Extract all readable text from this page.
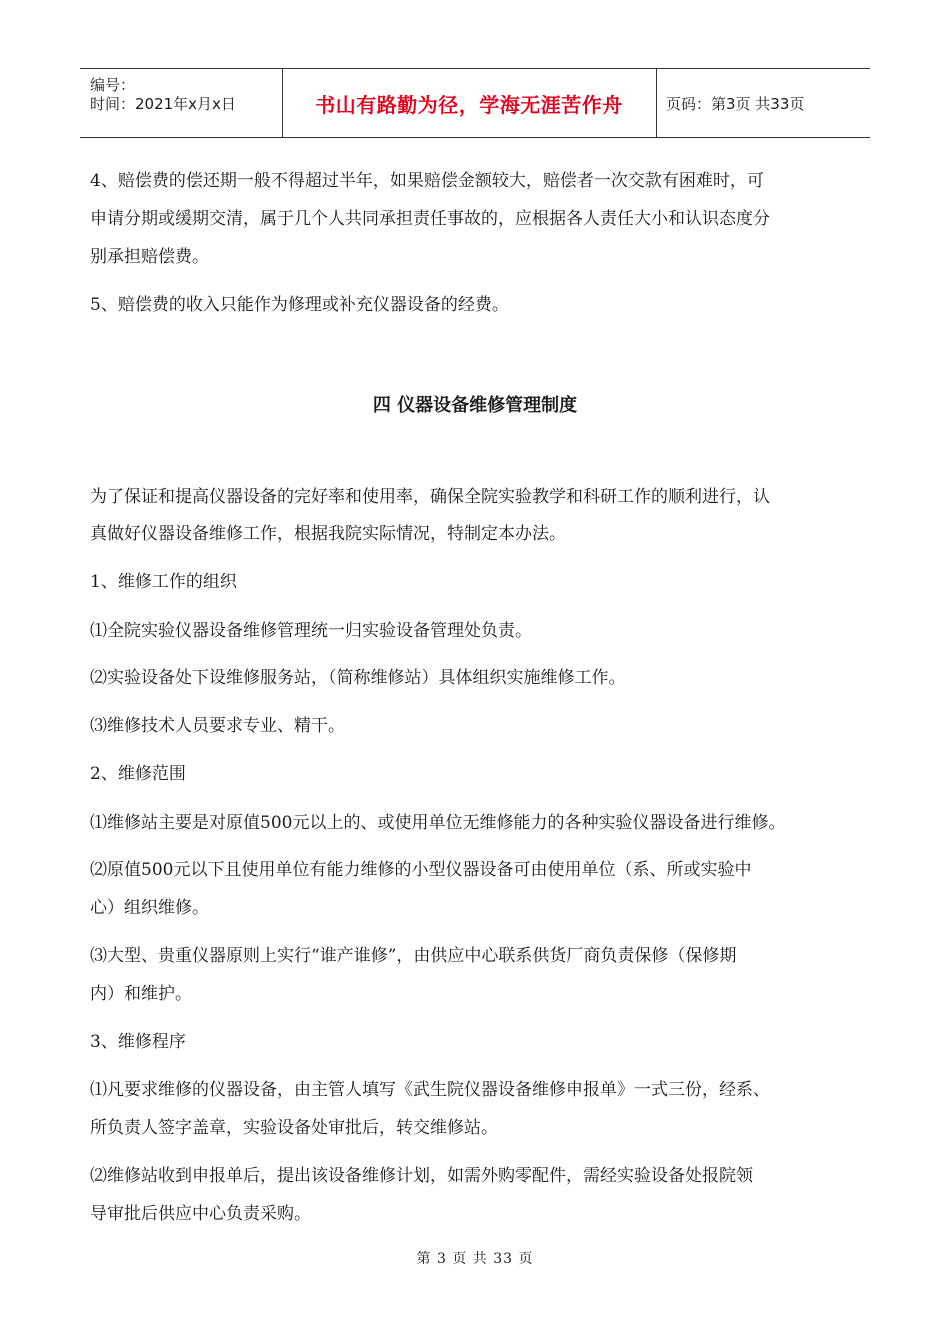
编号：
时间：2021年x月x日	书山有路勤为径，学海无涯苦作舟	页码：第3页 共33页
4、赔偿费的偿还期一般不得超过半年，如果赔偿金额较大，赔偿者一次交款有困难时，可
申请分期或缓期交清，属于几个人共同承担责任事故的，应根据各人责任大小和认识态度分
别承担赔偿费。
5、赔偿费的收入只能作为修理或补充仪器设备的经费。
四 仪器设备维修管理制度
为了保证和提高仪器设备的完好率和使用率，确保全院实验教学和科研工作的顺利进行，认
真做好仪器设备维修工作，根据我院实际情况，特制定本办法。
1、维修工作的组织
⑴全院实验仪器设备维修管理统一归实验设备管理处负责。
⑵实验设备处下设维修服务站，（简称维修站）具体组织实施维修工作。
⑶维修技术人员要求专业、精干。
2、维修范围
⑴维修站主要是对原值500元以上的、或使用单位无维修能力的各种实验仪器设备进行维修。
⑵原值500元以下且使用单位有能力维修的小型仪器设备可由使用单位（系、所或实验中
心）组织维修。
⑶大型、贵重仪器原则上实行“谁产谁修”，由供应中心联系供货厂商负责保修（保修期
内）和维护。
3、维修程序
⑴凡要求维修的仪器设备，由主管人填写《武生院仪器设备维修申报单》一式三份，经系、
所负责人签字盖章，实验设备处审批后，转交维修站。
⑵维修站收到申报单后，提出该设备维修计划，如需外购零配件，需经实验设备处报院领
导审批后供应中心负责采购。
第 3 页 共 33 页
